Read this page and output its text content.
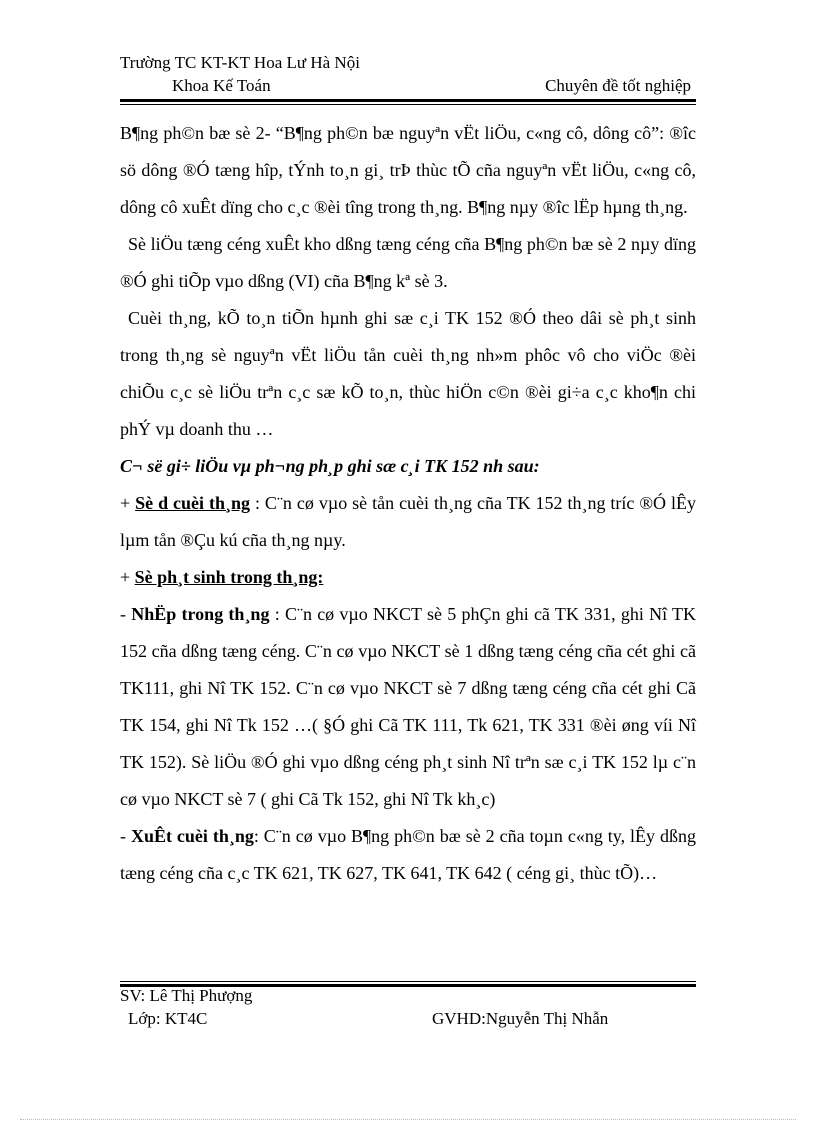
Trường TC KT-KT Hoa Lư Hà Nội
Khoa Kế Toán	Chuyên đề tốt nghiệp

B¶ng ph©n bæ sè 2- “B¶ng ph©n bæ nguyªn vËt liÖu, c«ng cô, dông cô”: ®îc sö dông ®Ó tæng hîp, tÝnh to¸n gi¸ trÞ thùc tÕ cña nguyªn vËt liÖu, c«ng cô, dông cô xuÊt dïng cho c¸c ®èi tîng trong th¸ng. B¶ng nµy ®îc lËp hµng th¸ng.

Sè liÖu tæng céng xuÊt kho dßng tæng céng cña B¶ng ph©n bæ sè 2 nµy dïng ®Ó ghi tiÕp vµo dßng (VI) cña B¶ng kª sè 3.

Cuèi th¸ng, kÕ to¸n tiÕn hµnh ghi sæ c¸i TK 152 ®Ó theo dâi sè ph¸t sinh trong th¸ng sè nguyªn vËt liÖu tån cuèi th¸ng nh»m phôc vô cho viÖc ®èi chiÕu c¸c sè liÖu trªn c¸c sæ kÕ to¸n, thùc hiÖn c©n ®èi gi÷a c¸c kho¶n chi phÝ vµ doanh thu …

C¬ së gi÷ liÖu vµ ph¬ng ph¸p ghi sæ c¸i TK 152 nh sau:

+ Sè d cuèi th¸ng : C¨n cø vµo sè tån cuèi th¸ng cña TK 152 th¸ng tríc ®Ó lÊy lµm tån ®Çu kú cña th¸ng nµy.

+ Sè ph¸t sinh trong th¸ng:

- NhËp trong th¸ng : C¨n cø vµo NKCT sè 5 phÇn ghi cã TK 331, ghi Nî TK 152 cña dßng tæng céng. C¨n cø vµo NKCT sè 1 dßng tæng céng cña cét ghi cã TK111, ghi Nî TK 152. C¨n cø vµo NKCT sè 7 dßng tæng céng cña cét ghi Cã TK 154, ghi Nî Tk 152 …( §Ó ghi Cã TK 111, Tk 621, TK 331 ®èi øng víi Nî TK 152). Sè liÖu ®Ó ghi vµo dßng céng ph¸t sinh Nî trªn sæ c¸i TK 152 lµ c¨n cø vµo NKCT sè 7 ( ghi Cã Tk 152, ghi Nî Tk kh¸c)

- XuÊt cuèi th¸ng: C¨n cø vµo B¶ng ph©n bæ sè 2 cña toµn c«ng ty, lÊy dßng tæng céng cña c¸c TK 621, TK 627, TK 641, TK 642 ( céng gi¸ thùc tÕ)…

SV: Lê Thị Phượng
Lớp: KT4C	GVHD:Nguyễn Thị Nhẫn
